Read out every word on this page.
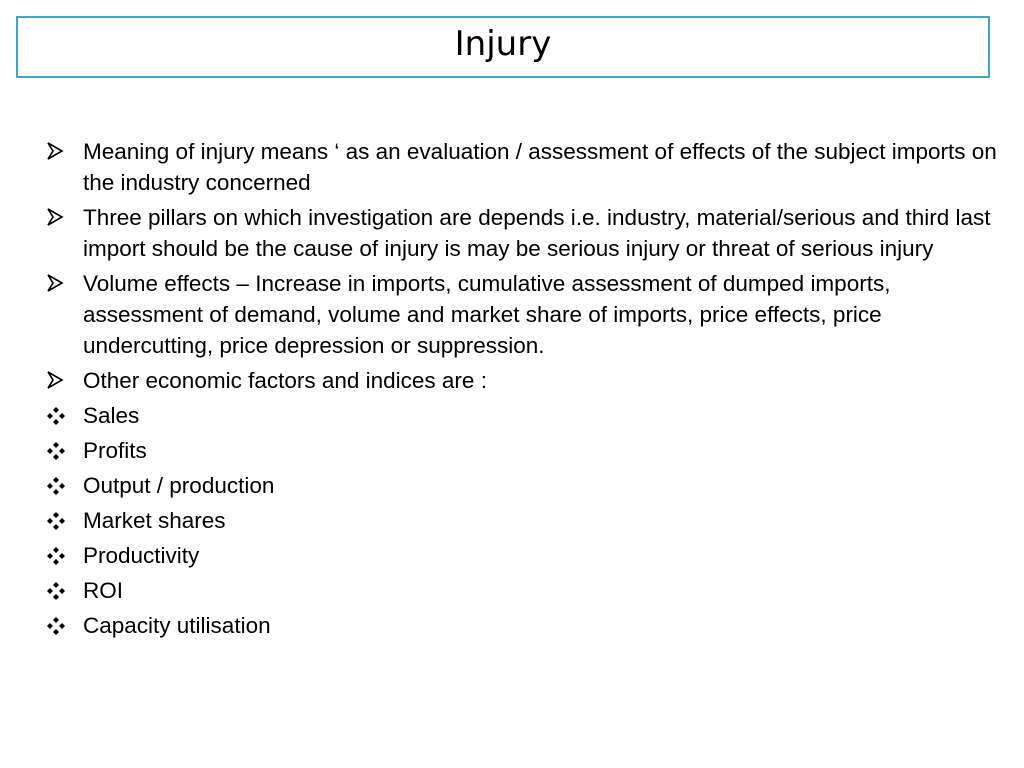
Injury
Meaning of injury means ‘ as an evaluation / assessment of effects of the subject imports on the industry concerned
Three pillars on which investigation are depends i.e. industry, material/serious and third last import should be the cause of injury is may be serious injury or threat of serious injury
Volume effects – Increase in imports, cumulative assessment of dumped imports, assessment of demand, volume and market share of imports, price effects, price undercutting, price depression or suppression.
Other economic factors and indices are :
Sales
Profits
Output / production
Market shares
Productivity
ROI
Capacity utilisation
